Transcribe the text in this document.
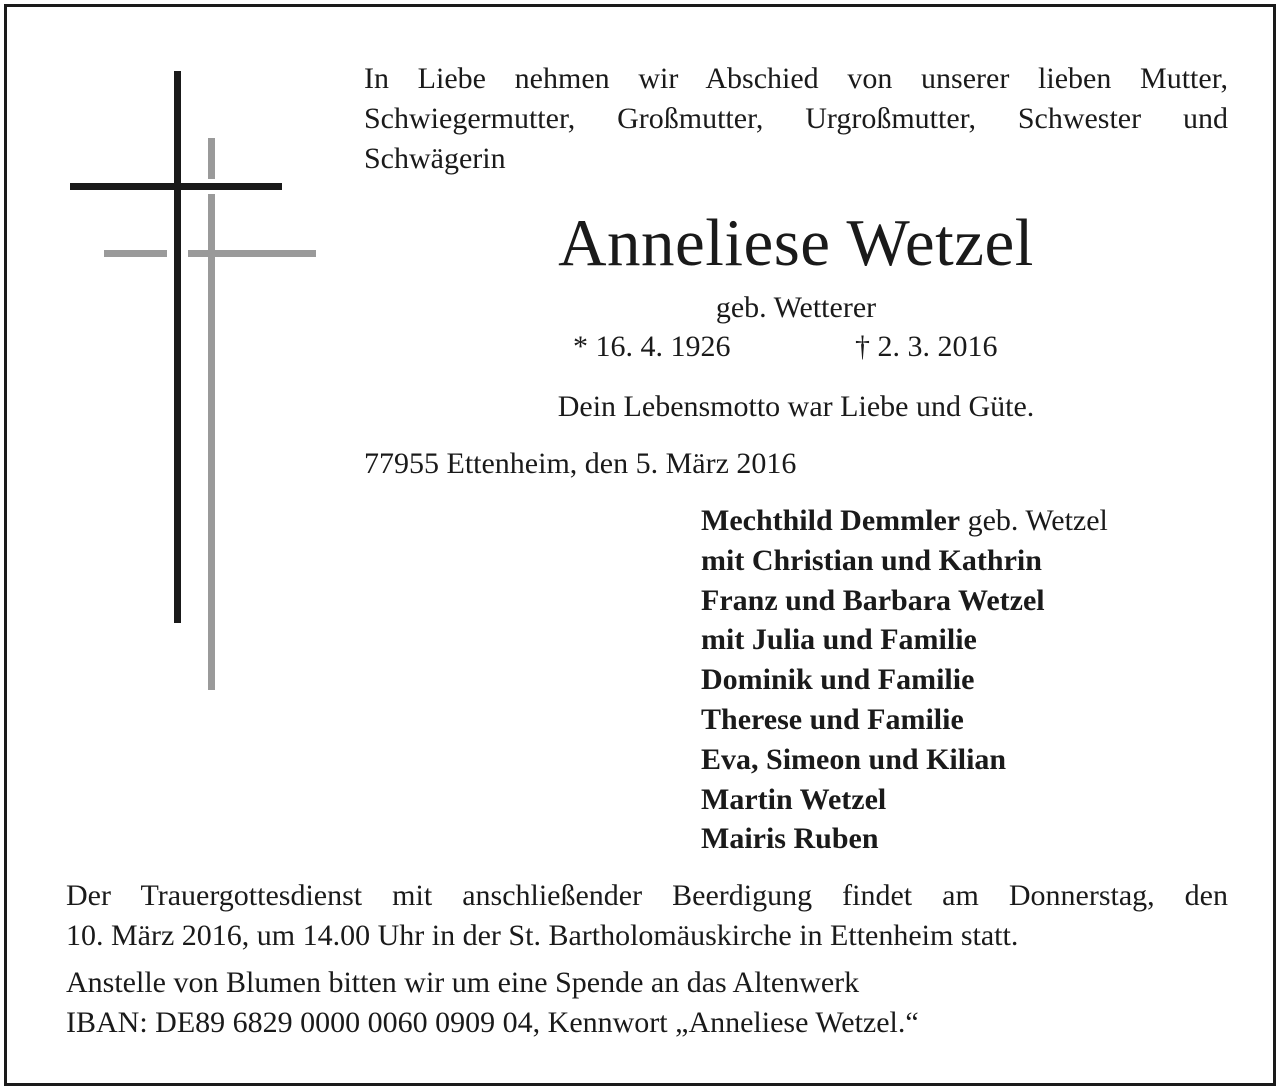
In Liebe nehmen wir Abschied von unserer lieben Mutter, Schwiegermutter, Großmutter, Urgroßmutter, Schwester und Schwägerin
Anneliese Wetzel
geb. Wetterer
* 16. 4. 1926	† 2. 3. 2016
Dein Lebensmotto war Liebe und Güte.
77955 Ettenheim, den 5. März 2016
Mechthild Demmler geb. Wetzel
mit Christian und Kathrin
Franz und Barbara Wetzel
mit Julia und Familie
Dominik und Familie
Therese und Familie
Eva, Simeon und Kilian
Martin Wetzel
Mairis Ruben
Der Trauergottesdienst mit anschließender Beerdigung findet am Donnerstag, den
10. März 2016, um 14.00 Uhr in der St. Bartholomäuskirche in Ettenheim statt.
Anstelle von Blumen bitten wir um eine Spende an das Altenwerk
IBAN: DE89 6829 0000 0060 0909 04, Kennwort „Anneliese Wetzel.“
